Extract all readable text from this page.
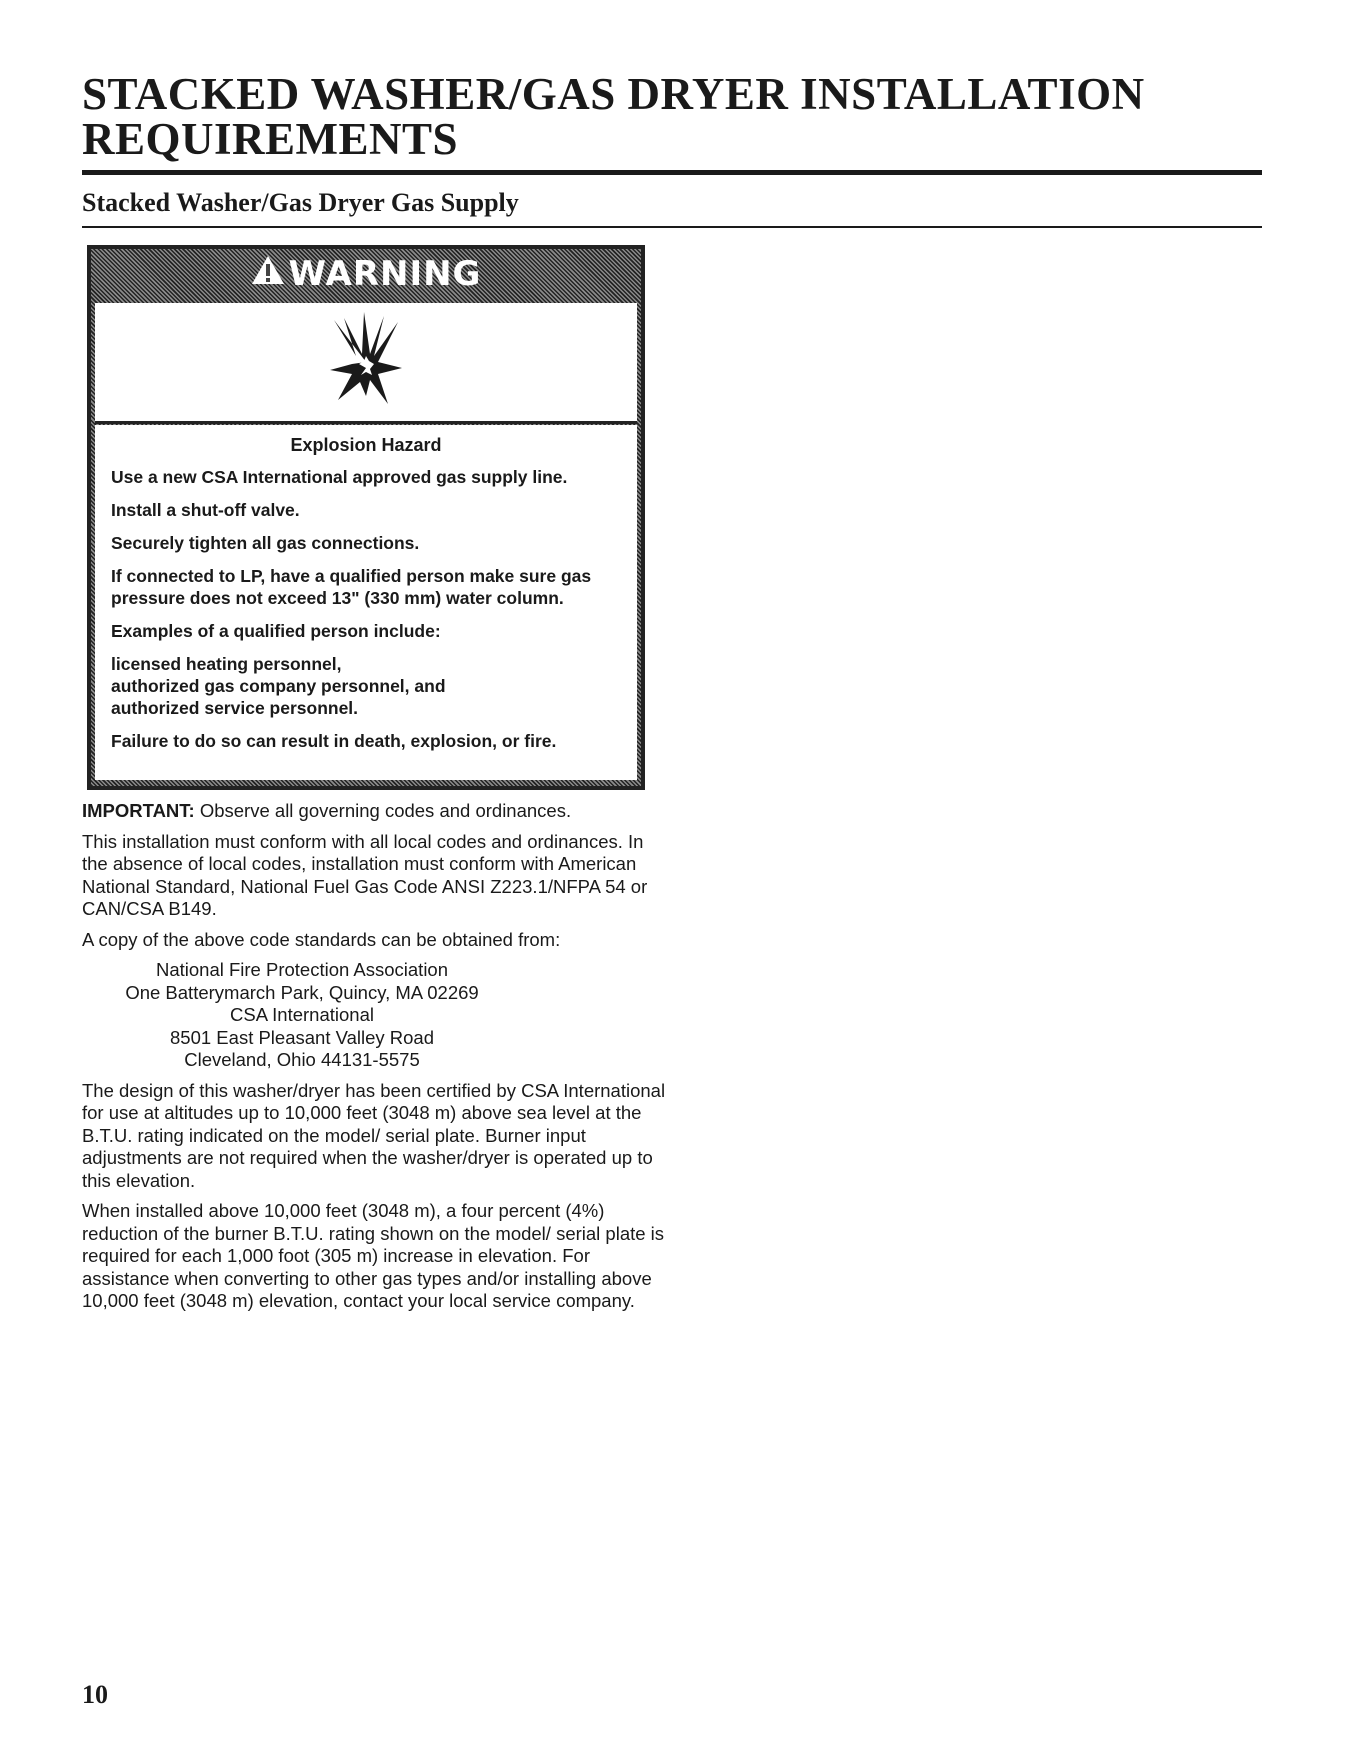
STACKED WASHER/GAS DRYER INSTALLATION REQUIREMENTS
Stacked Washer/Gas Dryer Gas Supply
WARNING

Explosion Hazard

Use a new CSA International approved gas supply line.

Install a shut-off valve.

Securely tighten all gas connections.

If connected to LP, have a qualified person make sure gas pressure does not exceed 13" (330 mm) water column.

Examples of a qualified person include:

licensed heating personnel,

authorized gas company personnel, and

authorized service personnel.

Failure to do so can result in death, explosion, or fire.

IMPORTANT: Observe all governing codes and ordinances.

This installation must conform with all local codes and ordinances. In the absence of local codes, installation must conform with American National Standard, National Fuel Gas Code ANSI Z223.1/NFPA 54 or CAN/CSA B149.

A copy of the above code standards can be obtained from:

National Fire Protection Association
One Batterymarch Park, Quincy, MA 02269
CSA International
8501 East Pleasant Valley Road
Cleveland, Ohio 44131-5575

The design of this washer/dryer has been certified by CSA International for use at altitudes up to 10,000 feet (3048 m) above sea level at the B.T.U. rating indicated on the model/ serial plate. Burner input adjustments are not required when the washer/dryer is operated up to this elevation.

When installed above 10,000 feet (3048 m), a four percent (4%) reduction of the burner B.T.U. rating shown on the model/ serial plate is required for each 1,000 foot (305 m) increase in elevation. For assistance when converting to other gas types and/or installing above 10,000 feet (3048 m) elevation, contact your local service company.

10
